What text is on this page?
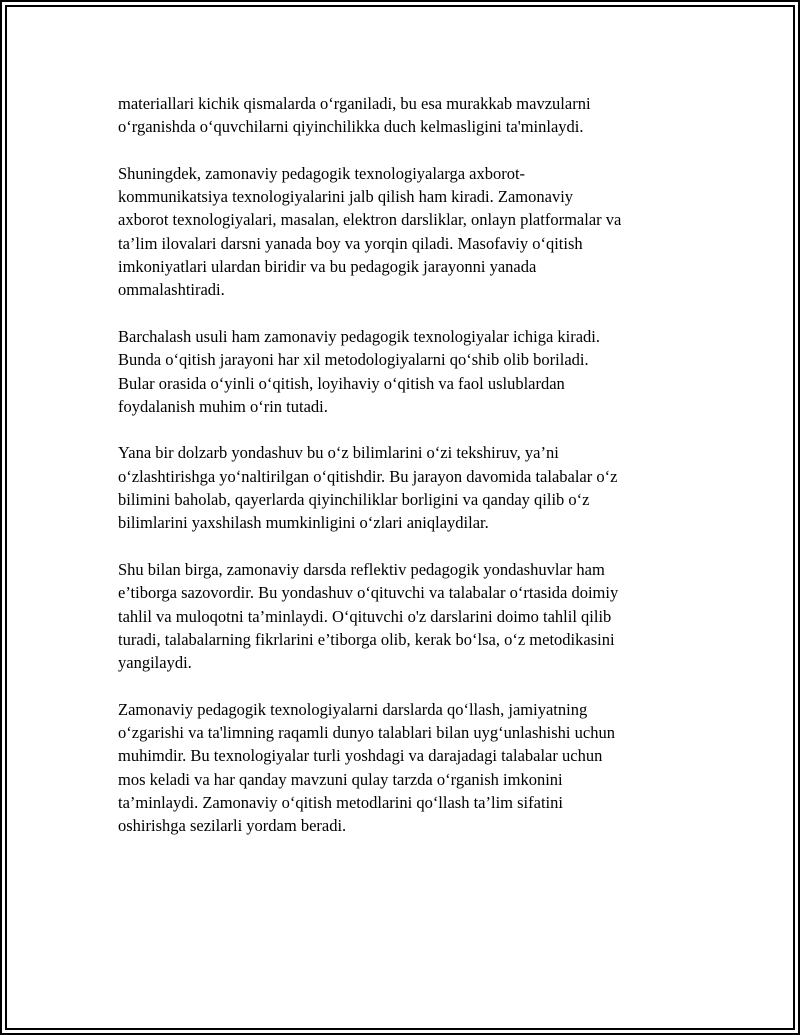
materiallari kichik qismalarda oʻrganiladi, bu esa murakkab mavzularni
oʻrganishda oʻquvchilarni qiyinchilikka duch kelmasligini ta'minlaydi.

Shuningdek, zamonaviy pedagogik texnologiyalarga axborot-
kommunikatsiya texnologiyalarini jalb qilish ham kiradi. Zamonaviy
axborot texnologiyalari, masalan, elektron darsliklar, onlayn platformalar va
ta’lim ilovalari darsni yanada boy va yorqin qiladi. Masofaviy oʻqitish
imkoniyatlari ulardan biridir va bu pedagogik jarayonni yanada
ommalashtiradi.

Barchalash usuli ham zamonaviy pedagogik texnologiyalar ichiga kiradi.
Bunda oʻqitish jarayoni har xil metodologiyalarni qoʻshib olib boriladi.
Bular orasida oʻyinli oʻqitish, loyihaviy oʻqitish va faol uslublardan
foydalanish muhim oʻrin tutadi.

Yana bir dolzarb yondashuv bu oʻz bilimlarini oʻzi tekshiruv, ya’ni
oʻzlashtirishga yoʻnaltirilgan oʻqitishdir. Bu jarayon davomida talabalar oʻz
bilimini baholab, qayerlarda qiyinchiliklar borligini va qanday qilib oʻz
bilimlarini yaxshilash mumkinligini oʻzlari aniqlaydilar.

Shu bilan birga, zamonaviy darsda reflektiv pedagogik yondashuvlar ham
e’tiborga sazovordir. Bu yondashuv oʻqituvchi va talabalar oʻrtasida doimiy
tahlil va muloqotni ta’minlaydi. Oʻqituvchi o'z darslarini doimo tahlil qilib
turadi, talabalarning fikrlarini e’tiborga olib, kerak boʻlsa, oʻz metodikasini
yangilaydi.

Zamonaviy pedagogik texnologiyalarni darslarda qoʻllash, jamiyatning
oʻzgarishi va ta'limning raqamli dunyo talablari bilan uygʻunlashishi uchun
muhimdir. Bu texnologiyalar turli yoshdagi va darajadagi talabalar uchun
mos keladi va har qanday mavzuni qulay tarzda oʻrganish imkonini
ta’minlaydi. Zamonaviy oʻqitish metodlarini qoʻllash ta’lim sifatini
oshirishga sezilarli yordam beradi.
